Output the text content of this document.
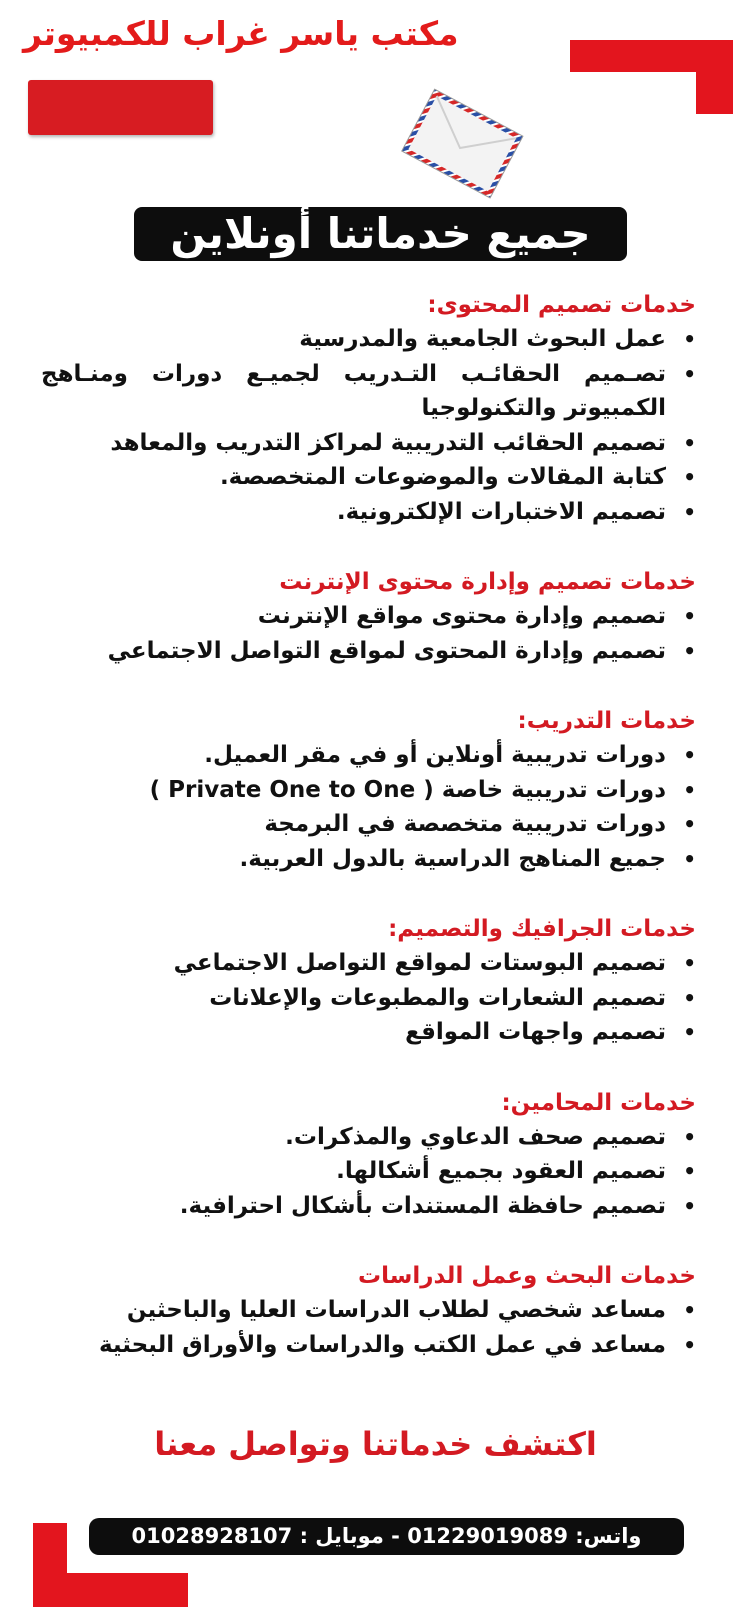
مكتب ياسر غراب للكمبيوتر
جميع خدماتنا أونلاين

خدمات تصميم المحتوى:

• عمل البحوث الجامعية والمدرسية
• تصـميم الحقائـب التـدريب لجميـع دورات ومنـاهج الكمبيوتر والتكنولوجيا
• تصميم الحقائب التدريبية لمراكز التدريب والمعاهد
• كتابة المقالات والموضوعات المتخصصة.
• تصميم الاختبارات الإلكترونية.

خدمات تصميم وإدارة محتوى الإنترنت

• تصميم وإدارة محتوى مواقع الإنترنت
• تصميم وإدارة المحتوى لمواقع التواصل الاجتماعي

خدمات التدريب:

• دورات تدريبية أونلاين أو في مقر العميل.
• دورات تدريبية خاصة ( Private One to One )
• دورات تدريبية متخصصة في البرمجة
• جميع المناهج الدراسية بالدول العربية.

خدمات الجرافيك والتصميم:

• تصميم البوستات لمواقع التواصل الاجتماعي
• تصميم الشعارات والمطبوعات والإعلانات
• تصميم واجهات المواقع

خدمات المحامين:

• تصميم صحف الدعاوي والمذكرات.
• تصميم العقود بجميع أشكالها.
• تصميم حافظة المستندات بأشكال احترافية.

خدمات البحث وعمل الدراسات

• مساعد شخصي لطلاب الدراسات العليا والباحثين
• مساعد في عمل الكتب والدراسات والأوراق البحثية
اكتشف خدماتنا وتواصل معنا
واتس: 01229019089 - موبايل : 01028928107
